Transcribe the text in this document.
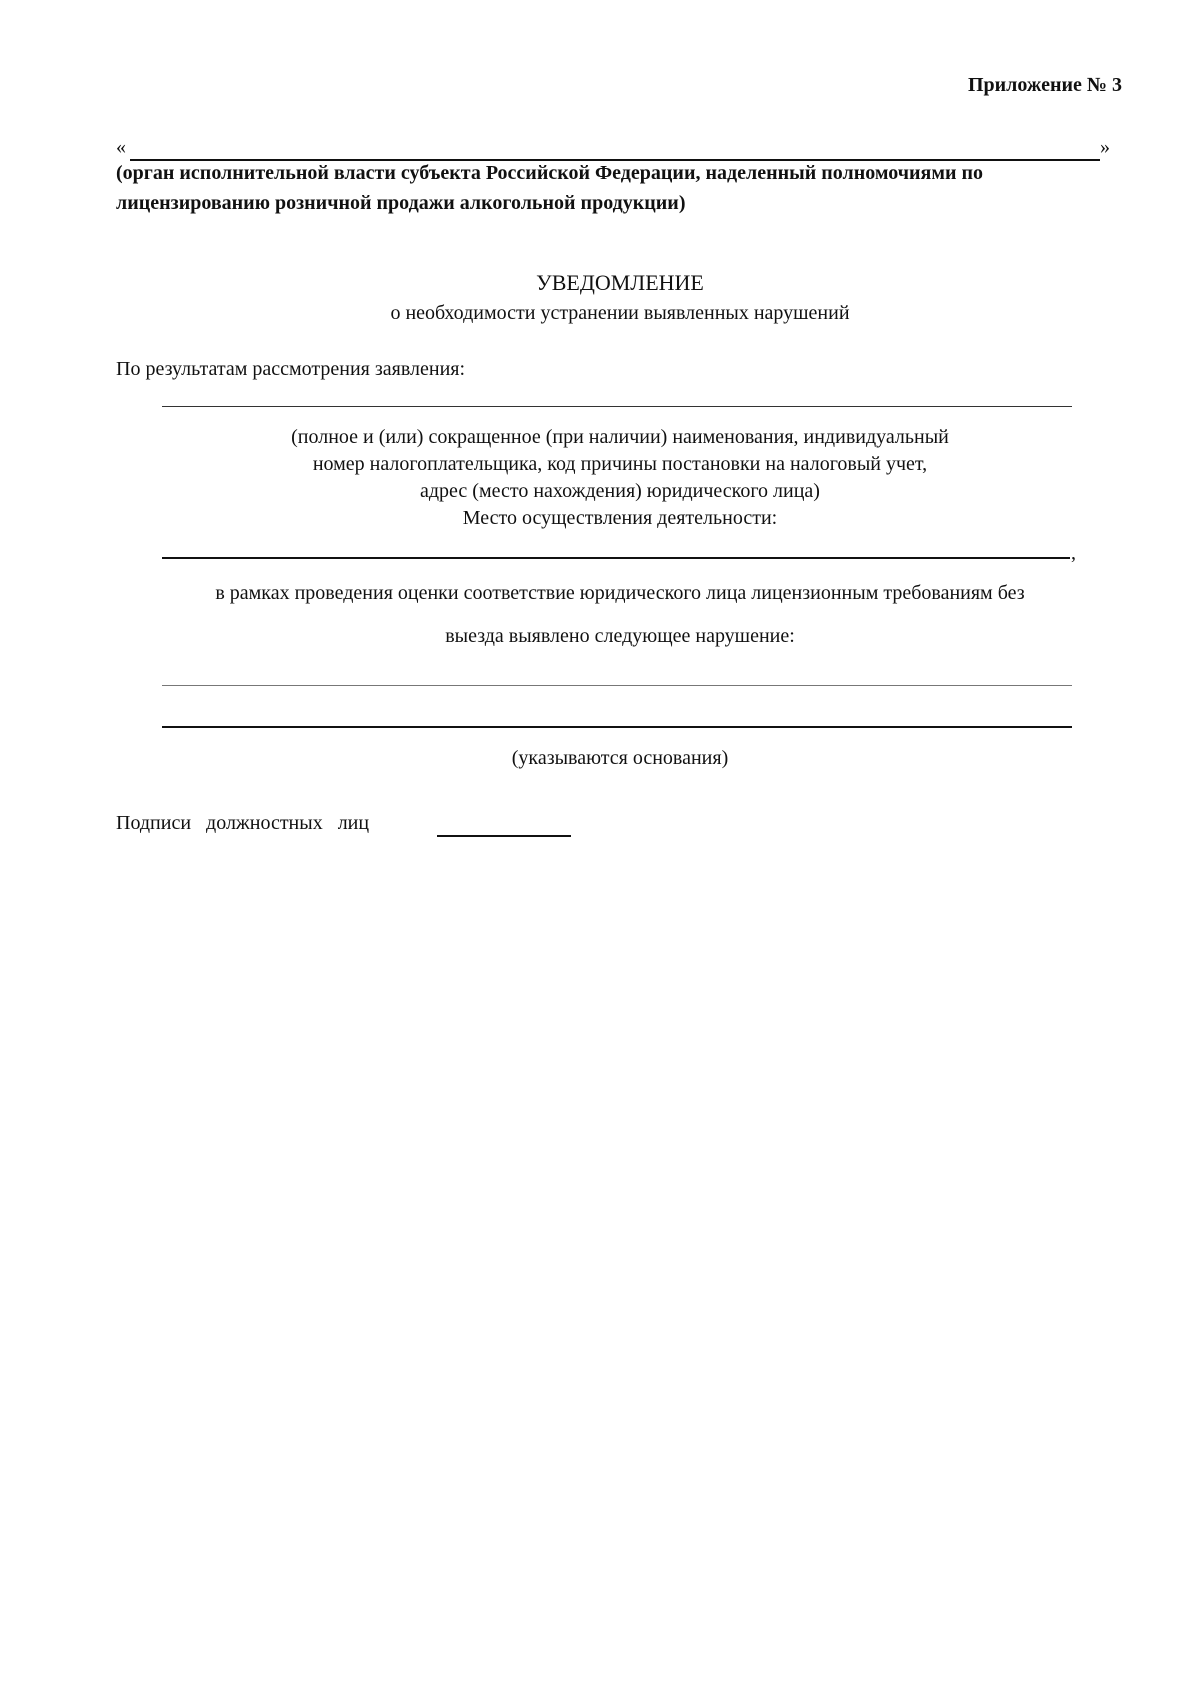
Приложение № 3
«	»
(орган исполнительной власти субъекта Российской Федерации, наделенный полномочиями по
лицензированию розничной продажи алкогольной продукции)
УВЕДОМЛЕНИЕ
о необходимости устранении выявленных нарушений
По результатам рассмотрения заявления:
(полное и (или) сокращенное (при наличии) наименования, индивидуальный
номер налогоплательщика, код причины постановки на налоговый учет,
адрес (место нахождения) юридического лица)
Место осуществления деятельности:
,
в рамках проведения оценки соответствие юридического лица лицензионным требованиям без
выезда выявлено следующее нарушение:
(указываются основания)
Подписи   должностных   лиц
